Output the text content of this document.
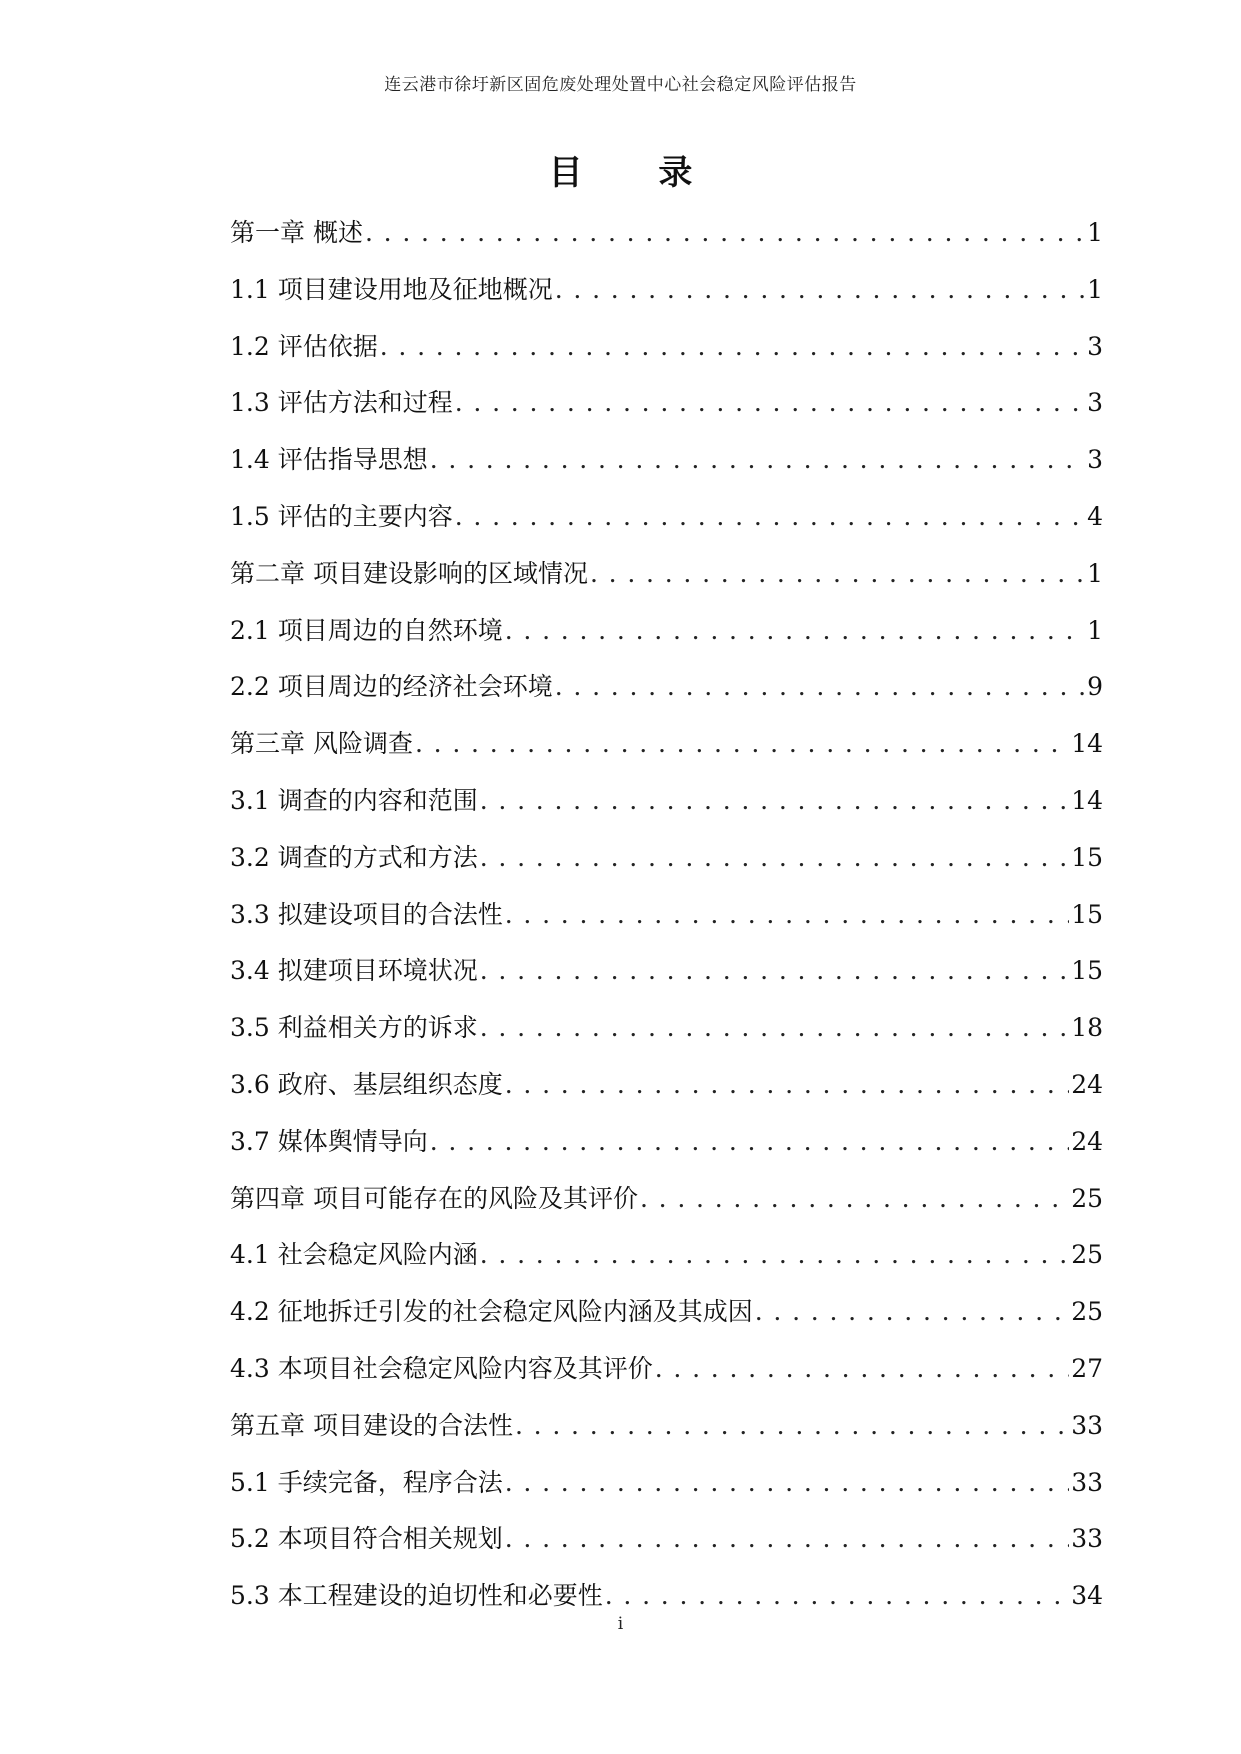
连云港市徐圩新区固危废处理处置中心社会稳定风险评估报告
目 录
第一章 概述 . . .	1
1.1 项目建设用地及征地概况 . . .	1
1.2 评估依据 . . .	3
1.3 评估方法和过程 . . .	3
1.4 评估指导思想 . . .	3
1.5 评估的主要内容 . . .	4
第二章 项目建设影响的区域情况 . . .	1
2.1 项目周边的自然环境 . . .	1
2.2 项目周边的经济社会环境 . . .	9
第三章 风险调查 . . .	14
3.1 调查的内容和范围 . . .	14
3.2 调查的方式和方法 . . .	15
3.3 拟建设项目的合法性 . . .	15
3.4 拟建项目环境状况 . . .	15
3.5 利益相关方的诉求 . . .	18
3.6 政府、基层组织态度 . . .	24
3.7 媒体舆情导向 . . .	24
第四章 项目可能存在的风险及其评价 . . .	25
4.1 社会稳定风险内涵 . . .	25
4.2 征地拆迁引发的社会稳定风险内涵及其成因 . . .	25
4.3 本项目社会稳定风险内容及其评价 . . .	27
第五章 项目建设的合法性 . . .	33
5.1 手续完备，程序合法 . . .	33
5.2 本项目符合相关规划 . . .	33
5.3 本工程建设的迫切性和必要性 . . .	34
i
